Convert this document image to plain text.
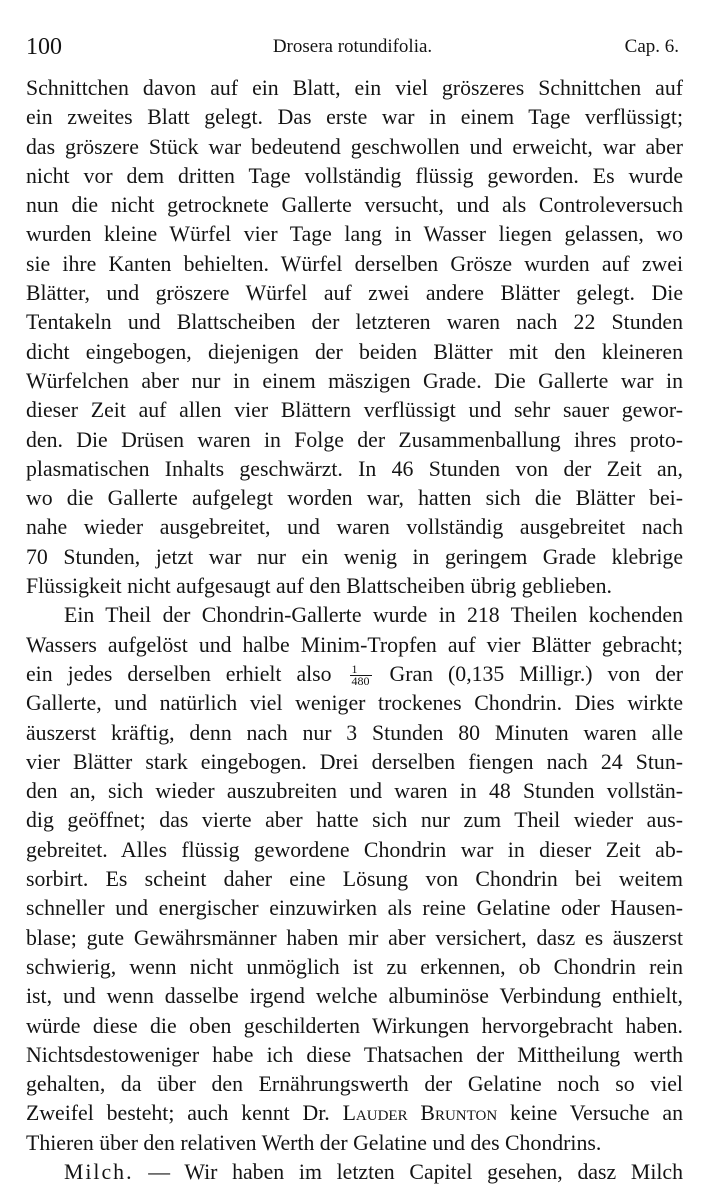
100	Drosera rotundifolia.	Cap. 6.
Schnittchen davon auf ein Blatt, ein viel gröszeres Schnittchen auf
ein zweites Blatt gelegt. Das erste war in einem Tage verflüssigt;
das gröszere Stück war bedeutend geschwollen und erweicht, war aber
nicht vor dem dritten Tage vollständig flüssig geworden. Es wurde
nun die nicht getrocknete Gallerte versucht, und als Controleversuch
wurden kleine Würfel vier Tage lang in Wasser liegen gelassen, wo
sie ihre Kanten behielten. Würfel derselben Grösze wurden auf zwei
Blätter, und gröszere Würfel auf zwei andere Blätter gelegt. Die
Tentakeln und Blattscheiben der letzteren waren nach 22 Stunden
dicht eingebogen, diejenigen der beiden Blätter mit den kleineren
Würfelchen aber nur in einem mäszigen Grade. Die Gallerte war in
dieser Zeit auf allen vier Blättern verflüssigt und sehr sauer gewor-
den. Die Drüsen waren in Folge der Zusammenballung ihres proto-
plasmatischen Inhalts geschwärzt. In 46 Stunden von der Zeit an,
wo die Gallerte aufgelegt worden war, hatten sich die Blätter bei-
nahe wieder ausgebreitet, und waren vollständig ausgebreitet nach
70 Stunden, jetzt war nur ein wenig in geringem Grade klebrige
Flüssigkeit nicht aufgesaugt auf den Blattscheiben übrig geblieben.
Ein Theil der Chondrin-Gallerte wurde in 218 Theilen kochenden
Wassers aufgelöst und halbe Minim-Tropfen auf vier Blätter gebracht;
ein jedes derselben erhielt also $\frac{1}{480}$ Gran (0,135 Milligr.) von der
Gallerte, und natürlich viel weniger trockenes Chondrin. Dies wirkte
äuszerst kräftig, denn nach nur 3 Stunden 80 Minuten waren alle
vier Blätter stark eingebogen. Drei derselben fiengen nach 24 Stun-
den an, sich wieder auszubreiten und waren in 48 Stunden vollstän-
dig geöffnet; das vierte aber hatte sich nur zum Theil wieder aus-
gebreitet. Alles flüssig gewordene Chondrin war in dieser Zeit ab-
sorbirt. Es scheint daher eine Lösung von Chondrin bei weitem
schneller und energischer einzuwirken als reine Gelatine oder Hausen-
blase; gute Gewährsmänner haben mir aber versichert, dasz es äuszerst
schwierig, wenn nicht unmöglich ist zu erkennen, ob Chondrin rein
ist, und wenn dasselbe irgend welche albuminöse Verbindung enthielt,
würde diese die oben geschilderten Wirkungen hervorgebracht haben.
Nichtsdestoweniger habe ich diese Thatsachen der Mittheilung werth
gehalten, da über den Ernährungswerth der Gelatine noch so viel
Zweifel besteht; auch kennt Dr. Lauder Brunton keine Versuche an
Thieren über den relativen Werth der Gelatine und des Chondrins.
Milch. — Wir haben im letzten Capitel gesehen, dasz Milch
